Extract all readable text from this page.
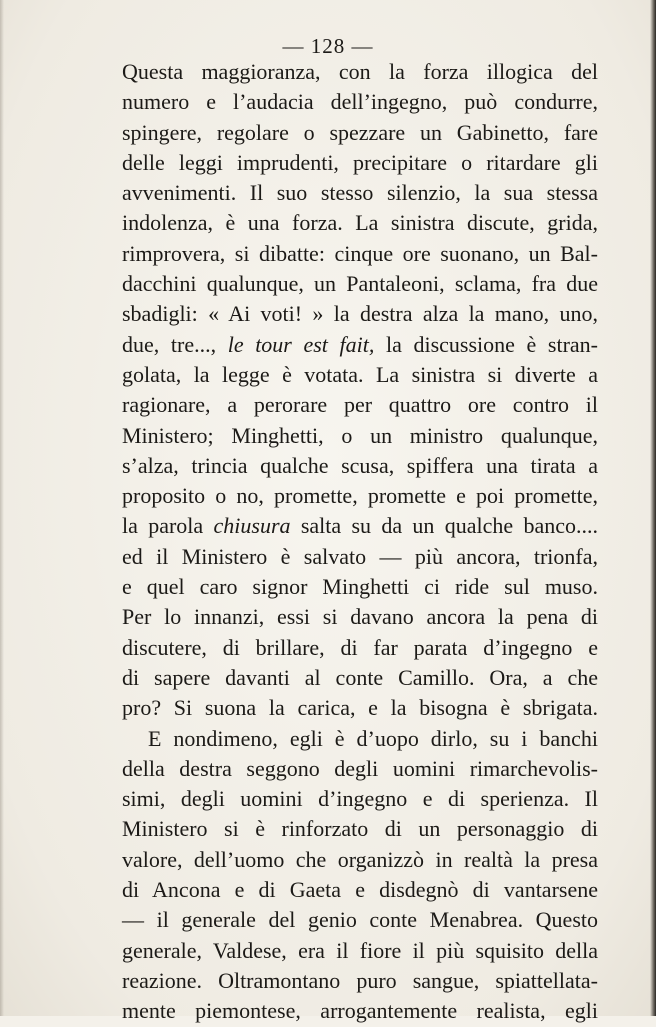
— 128 —
Questa maggioranza, con la forza illogica del
numero e l’audacia dell’ingegno, può condurre,
spingere, regolare o spezzare un Gabinetto, fare
delle leggi imprudenti, precipitare o ritardare gli
avvenimenti. Il suo stesso silenzio, la sua stessa
indolenza, è una forza. La sinistra discute, grida,
rimprovera, si dibatte: cinque ore suonano, un Bal-
dacchini qualunque, un Pantaleoni, sclama, fra due
sbadigli: « Ai voti! » la destra alza la mano, uno,
due, tre..., le tour est fait, la discussione è stran-
golata, la legge è votata. La sinistra si diverte a
ragionare, a perorare per quattro ore contro il
Ministero; Minghetti, o un ministro qualunque,
s’alza, trincia qualche scusa, spiffera una tirata a
proposito o no, promette, promette e poi promette,
la parola chiusura salta su da un qualche banco....
ed il Ministero è salvato — più ancora, trionfa,
e quel caro signor Minghetti ci ride sul muso.
Per lo innanzi, essi si davano ancora la pena di
discutere, di brillare, di far parata d’ingegno e
di sapere davanti al conte Camillo. Ora, a che
pro? Si suona la carica, e la bisogna è sbrigata.
E nondimeno, egli è d’uopo dirlo, su i banchi
della destra seggono degli uomini rimarchevolis-
simi, degli uomini d’ingegno e di sperienza. Il
Ministero si è rinforzato di un personaggio di
valore, dell’uomo che organizzò in realtà la presa
di Ancona e di Gaeta e disdegnò di vantarsene
— il generale del genio conte Menabrea. Questo
generale, Valdese, era il fiore il più squisito della
reazione. Oltramontano puro sangue, spiattellata-
mente piemontese, arrogantemente realista, egli
